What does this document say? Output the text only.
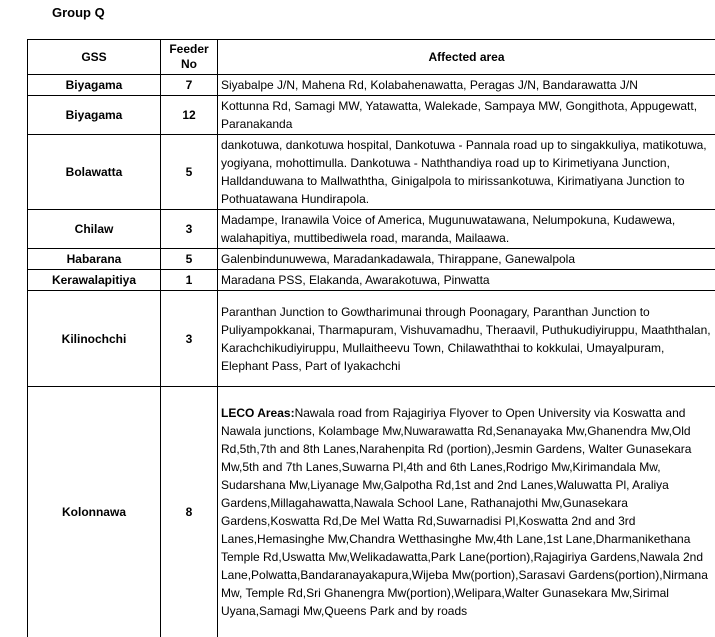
Group Q
GSS	Feeder No	Affected area
Biyagama	7	Siyabalpe J/N, Mahena Rd, Kolabahenawatta, Peragas J/N, Bandarawatta J/N
Biyagama	12	Kottunna Rd, Samagi MW, Yatawatta, Walekade, Sampaya MW, Gongithota, Appugewatt, Paranakanda
Bolawatta	5	dankotuwa, dankotuwa hospital, Dankotuwa - Pannala road up to singakkuliya, matikotuwa, yogiyana, mohottimulla. Dankotuwa - Naththandiya road up to Kirimetiyana Junction, Halldanduwana to Mallwaththa, Ginigalpola to mirissankotuwa, Kirimatiyana Junction to Pothuatawana Hundirapola.
Chilaw	3	Madampe, Iranawila Voice of America, Mugunuwatawana, Nelumpokuna, Kudawewa, walahapitiya, muttibediwela road, maranda, Mailaawa.
Habarana	5	Galenbindunuwewa, Maradankadawala, Thirappane, Ganewalpola
Kerawalapitiya	1	Maradana PSS, Elakanda, Awarakotuwa, Pinwatta
Kilinochchi	3	Paranthan Junction to Gowtharimunai through Poonagary, Paranthan Junction to Puliyampokkanai, Tharmapuram, Vishuvamadhu, Theraavil, Puthukudiyiruppu, Maaththalan, Karachchikudiyiruppu, Mullaitheevu Town, Chilawaththai to kokkulai, Umayalpuram, Elephant Pass, Part of Iyakachchi
Kolonnawa	8	LECO Areas:Nawala road from Rajagiriya Flyover to Open University via Koswatta and Nawala junctions, Kolambage Mw,Nuwarawatta Rd,Senanayaka Mw,Ghanendra Mw,Old Rd,5th,7th and 8th Lanes,Narahenpita Rd (portion),Jesmin Gardens, Walter Gunasekara Mw,5th and 7th Lanes,Suwarna Pl,4th and 6th Lanes,Rodrigo Mw,Kirimandala Mw, Sudarshana Mw,Liyanage Mw,Galpotha Rd,1st and 2nd Lanes,Waluwatta Pl, Araliya Gardens,Millagahawatta,Nawala School Lane, Rathanajothi Mw,Gunasekara Gardens,Koswatta Rd,De Mel Watta Rd,Suwarnadisi Pl,Koswatta 2nd and 3rd Lanes,Hemasinghe Mw,Chandra Wetthasinghe Mw,4th Lane,1st Lane,Dharmanikethana Temple Rd,Uswatta Mw,Welikadawatta,Park Lane(portion),Rajagiriya Gardens,Nawala 2nd Lane,Polwatta,Bandaranayakapura,Wijeba Mw(portion),Sarasavi Gardens(portion),Nirmana Mw, Temple Rd,Sri Ghanengra Mw(portion),Welipara,Walter Gunasekara Mw,Sirimal Uyana,Samagi Mw,Queens Park and by roads
